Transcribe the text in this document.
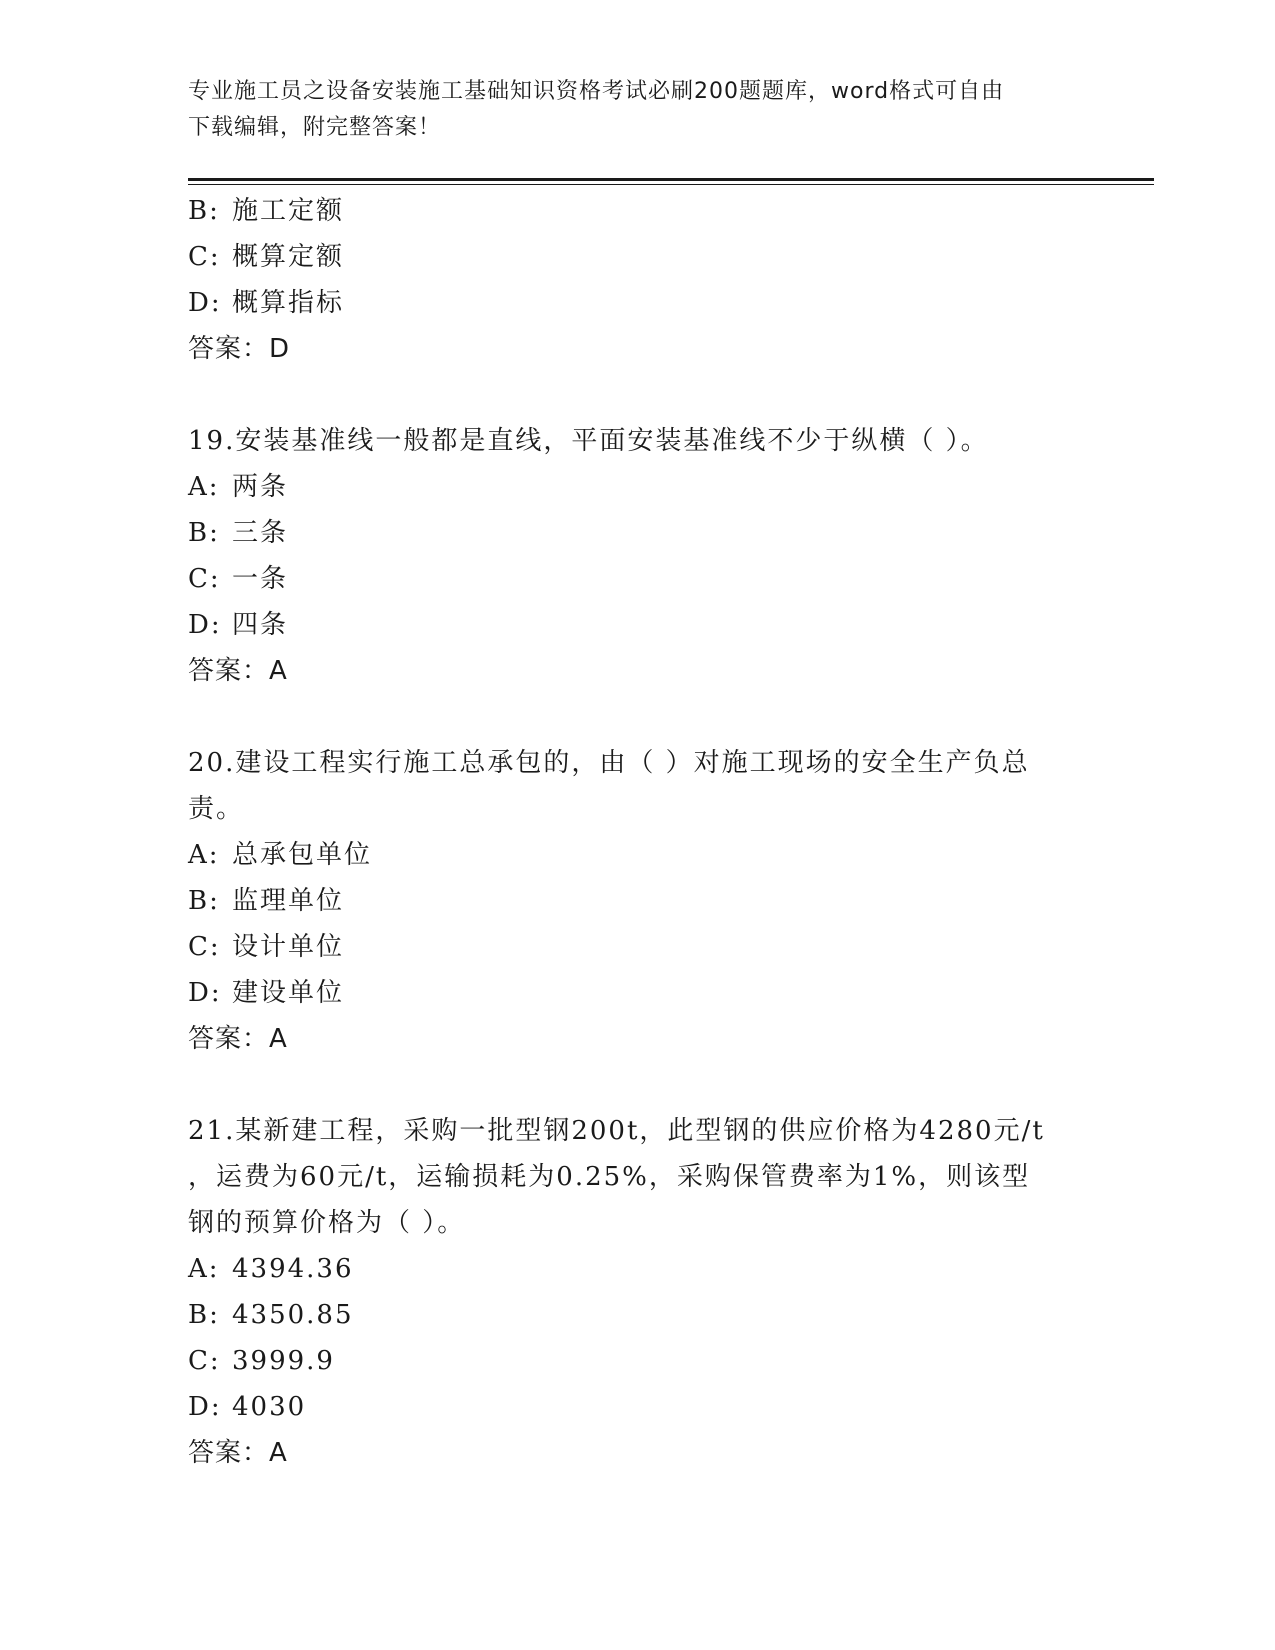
专业施工员之设备安装施工基础知识资格考试必刷200题题库，word格式可自由
下载编辑，附完整答案！
B: 施工定额
C: 概算定额
D: 概算指标
答案：D
19.安装基准线一般都是直线，平面安装基准线不少于纵横（ ）。
A: 两条
B: 三条
C: 一条
D: 四条
答案：A
20.建设工程实行施工总承包的，由（ ）对施工现场的安全生产负总
责。
A: 总承包单位
B: 监理单位
C: 设计单位
D: 建设单位
答案：A
21.某新建工程，采购一批型钢200t，此型钢的供应价格为4280元/t
，运费为60元/t，运输损耗为0.25%，采购保管费率为1%，则该型
钢的预算价格为（ ）。
A: 4394.36
B: 4350.85
C: 3999.9
D: 4030
答案：A
